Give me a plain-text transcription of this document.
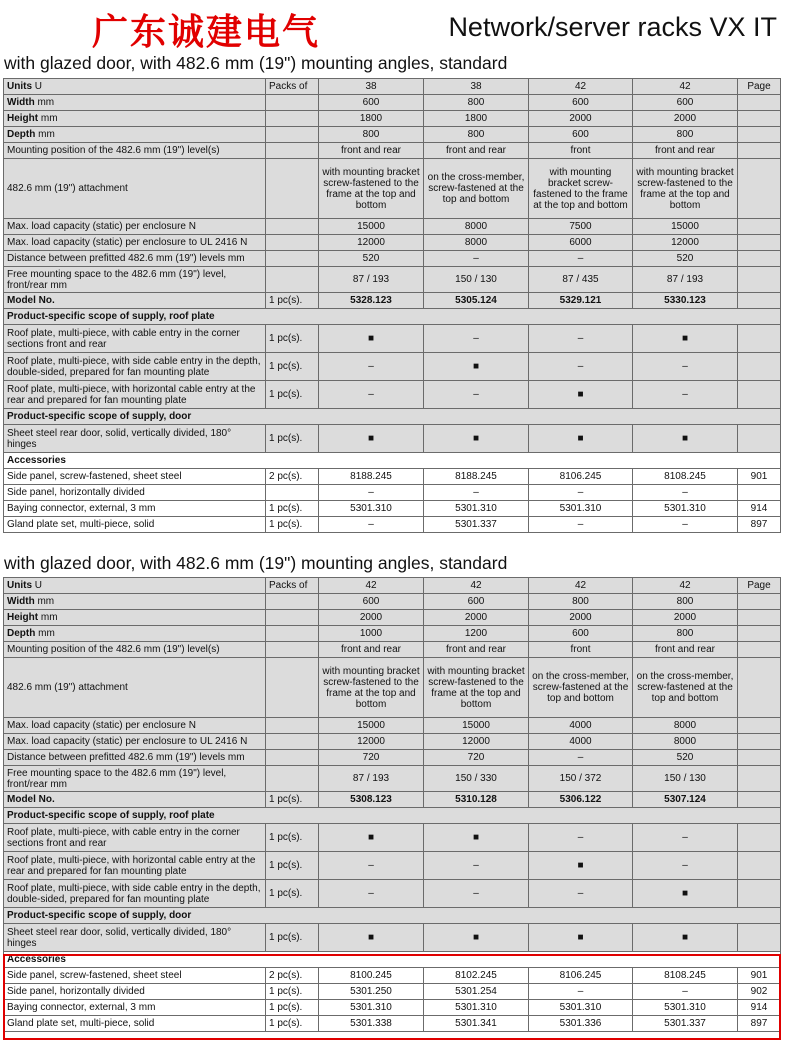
广东诚建电气	Network/server racks VX IT
with glazed door, with 482.6 mm (19") mounting angles, standard
Units U	Packs of	38	38	42	42	Page
Width mm		600	800	600	600	
Height mm		1800	1800	2000	2000	
Depth mm		800	800	600	800	
Mounting position of the 482.6 mm (19") level(s)		front and rear	front and rear	front	front and rear	
482.6 mm (19") attachment		with mounting bracket screw-fastened to the frame at the top and bottom	on the cross-member, screw-fastened at the top and bottom	with mounting bracket screw-fastened to the frame at the top and bottom	with mounting bracket screw-fastened to the frame at the top and bottom	
Max. load capacity (static) per enclosure N		15000	8000	7500	15000	
Max. load capacity (static) per enclosure to UL 2416 N		12000	8000	6000	12000	
Distance between prefitted 482.6 mm (19") levels mm		520	–	–	520	
Free mounting space to the 482.6 mm (19") level, front/rear mm		87 / 193	150 / 130	87 / 435	87 / 193	
Model No.	1 pc(s).	5328.123	5305.124	5329.121	5330.123	
Product-specific scope of supply, roof plate						
Roof plate, multi-piece, with cable entry in the corner sections front and rear	1 pc(s).	■	–	–	■	
Roof plate, multi-piece, with side cable entry in the depth, double-sided, prepared for fan mounting plate	1 pc(s).	–	■	–	–	
Roof plate, multi-piece, with horizontal cable entry at the rear and prepared for fan mounting plate	1 pc(s).	–	–	■	–	
Product-specific scope of supply, door						
Sheet steel rear door, solid, vertically divided, 180° hinges	1 pc(s).	■	■	■	■	
Accessories						
Side panel, screw-fastened, sheet steel	2 pc(s).	8188.245	8188.245	8106.245	8108.245	901
Side panel, horizontally divided		–	–	–	–	
Baying connector, external, 3 mm	1 pc(s).	5301.310	5301.310	5301.310	5301.310	914
Gland plate set, multi-piece, solid	1 pc(s).	–	5301.337	–	–	897
with glazed door, with 482.6 mm (19") mounting angles, standard
Units U	Packs of	42	42	42	42	Page
Width mm		600	600	800	800	
Height mm		2000	2000	2000	2000	
Depth mm		1000	1200	600	800	
Mounting position of the 482.6 mm (19") level(s)		front and rear	front and rear	front	front and rear	
482.6 mm (19") attachment		with mounting bracket screw-fastened to the frame at the top and bottom	with mounting bracket screw-fastened to the frame at the top and bottom	on the cross-member, screw-fastened at the top and bottom	on the cross-member, screw-fastened at the top and bottom	
Max. load capacity (static) per enclosure N		15000	15000	4000	8000	
Max. load capacity (static) per enclosure to UL 2416 N		12000	12000	4000	8000	
Distance between prefitted 482.6 mm (19") levels mm		720	720	–	520	
Free mounting space to the 482.6 mm (19") level, front/rear mm		87 / 193	150 / 330	150 / 372	150 / 130	
Model No.	1 pc(s).	5308.123	5310.128	5306.122	5307.124	
Product-specific scope of supply, roof plate						
Roof plate, multi-piece, with cable entry in the corner sections front and rear	1 pc(s).	■	■	–	–	
Roof plate, multi-piece, with horizontal cable entry at the rear and prepared for fan mounting plate	1 pc(s).	–	–	■	–	
Roof plate, multi-piece, with side cable entry in the depth, double-sided, prepared for fan mounting plate	1 pc(s).	–	–	–	■	
Product-specific scope of supply, door						
Sheet steel rear door, solid, vertically divided, 180° hinges	1 pc(s).	■	■	■	■	
Accessories						
Side panel, screw-fastened, sheet steel	2 pc(s).	8100.245	8102.245	8106.245	8108.245	901
Side panel, horizontally divided	1 pc(s).	5301.250	5301.254	–	–	902
Baying connector, external, 3 mm	1 pc(s).	5301.310	5301.310	5301.310	5301.310	914
Gland plate set, multi-piece, solid	1 pc(s).	5301.338	5301.341	5301.336	5301.337	897
